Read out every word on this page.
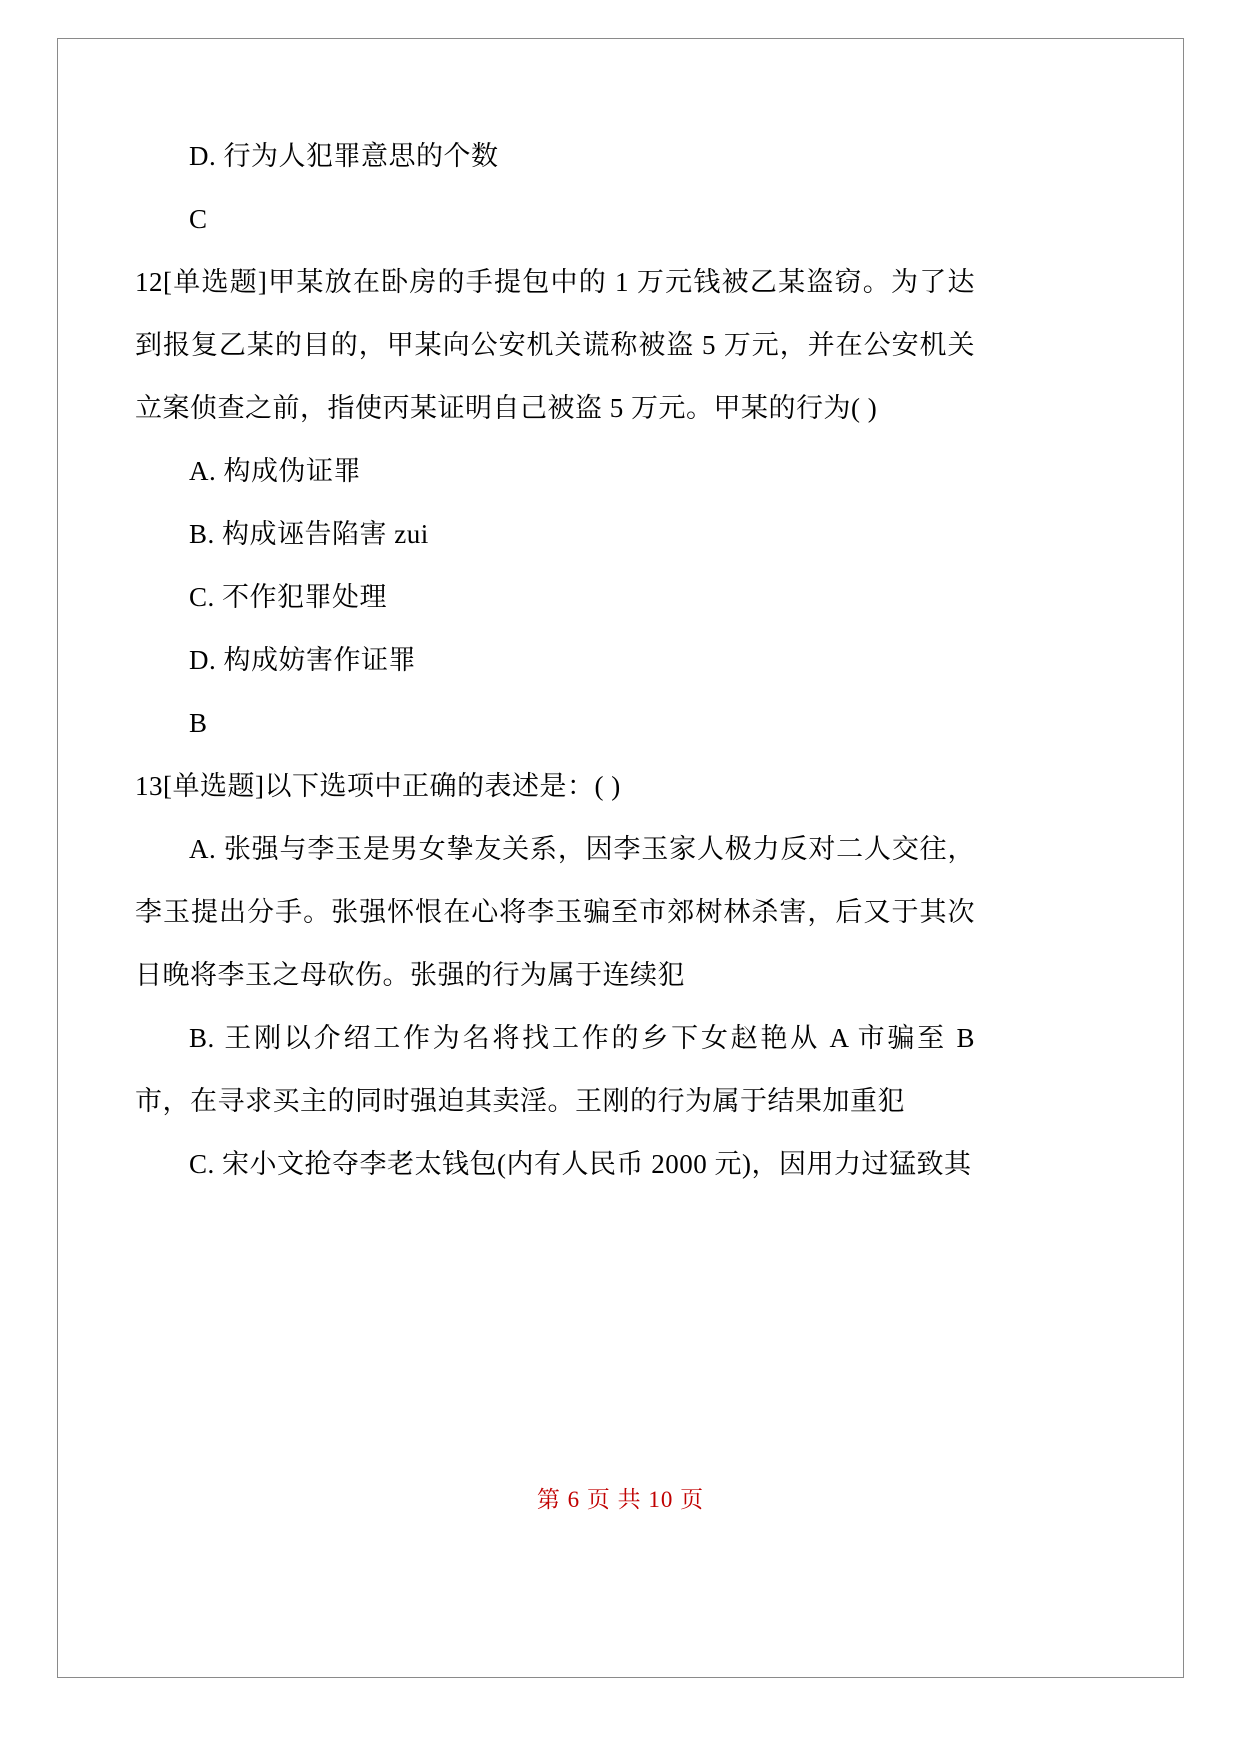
D. 行为人犯罪意思的个数

C

12[单选题]甲某放在卧房的手提包中的 1 万元钱被乙某盗窃。为了达到报复乙某的目的，甲某向公安机关谎称被盗 5 万元，并在公安机关立案侦查之前，指使丙某证明自己被盗 5 万元。甲某的行为( )

A. 构成伪证罪

B. 构成诬告陷害 zui

C. 不作犯罪处理

D. 构成妨害作证罪

B

13[单选题]以下选项中正确的表述是：( )

A. 张强与李玉是男女挚友关系，因李玉家人极力反对二人交往，李玉提出分手。张强怀恨在心将李玉骗至市郊树林杀害，后又于其次日晚将李玉之母砍伤。张强的行为属于连续犯

B. 王刚以介绍工作为名将找工作的乡下女赵艳从 A 市骗至 B 市，在寻求买主的同时强迫其卖淫。王刚的行为属于结果加重犯

C. 宋小文抢夺李老太钱包(内有人民币 2000 元)，因用力过猛致其

第 6 页 共 10 页
